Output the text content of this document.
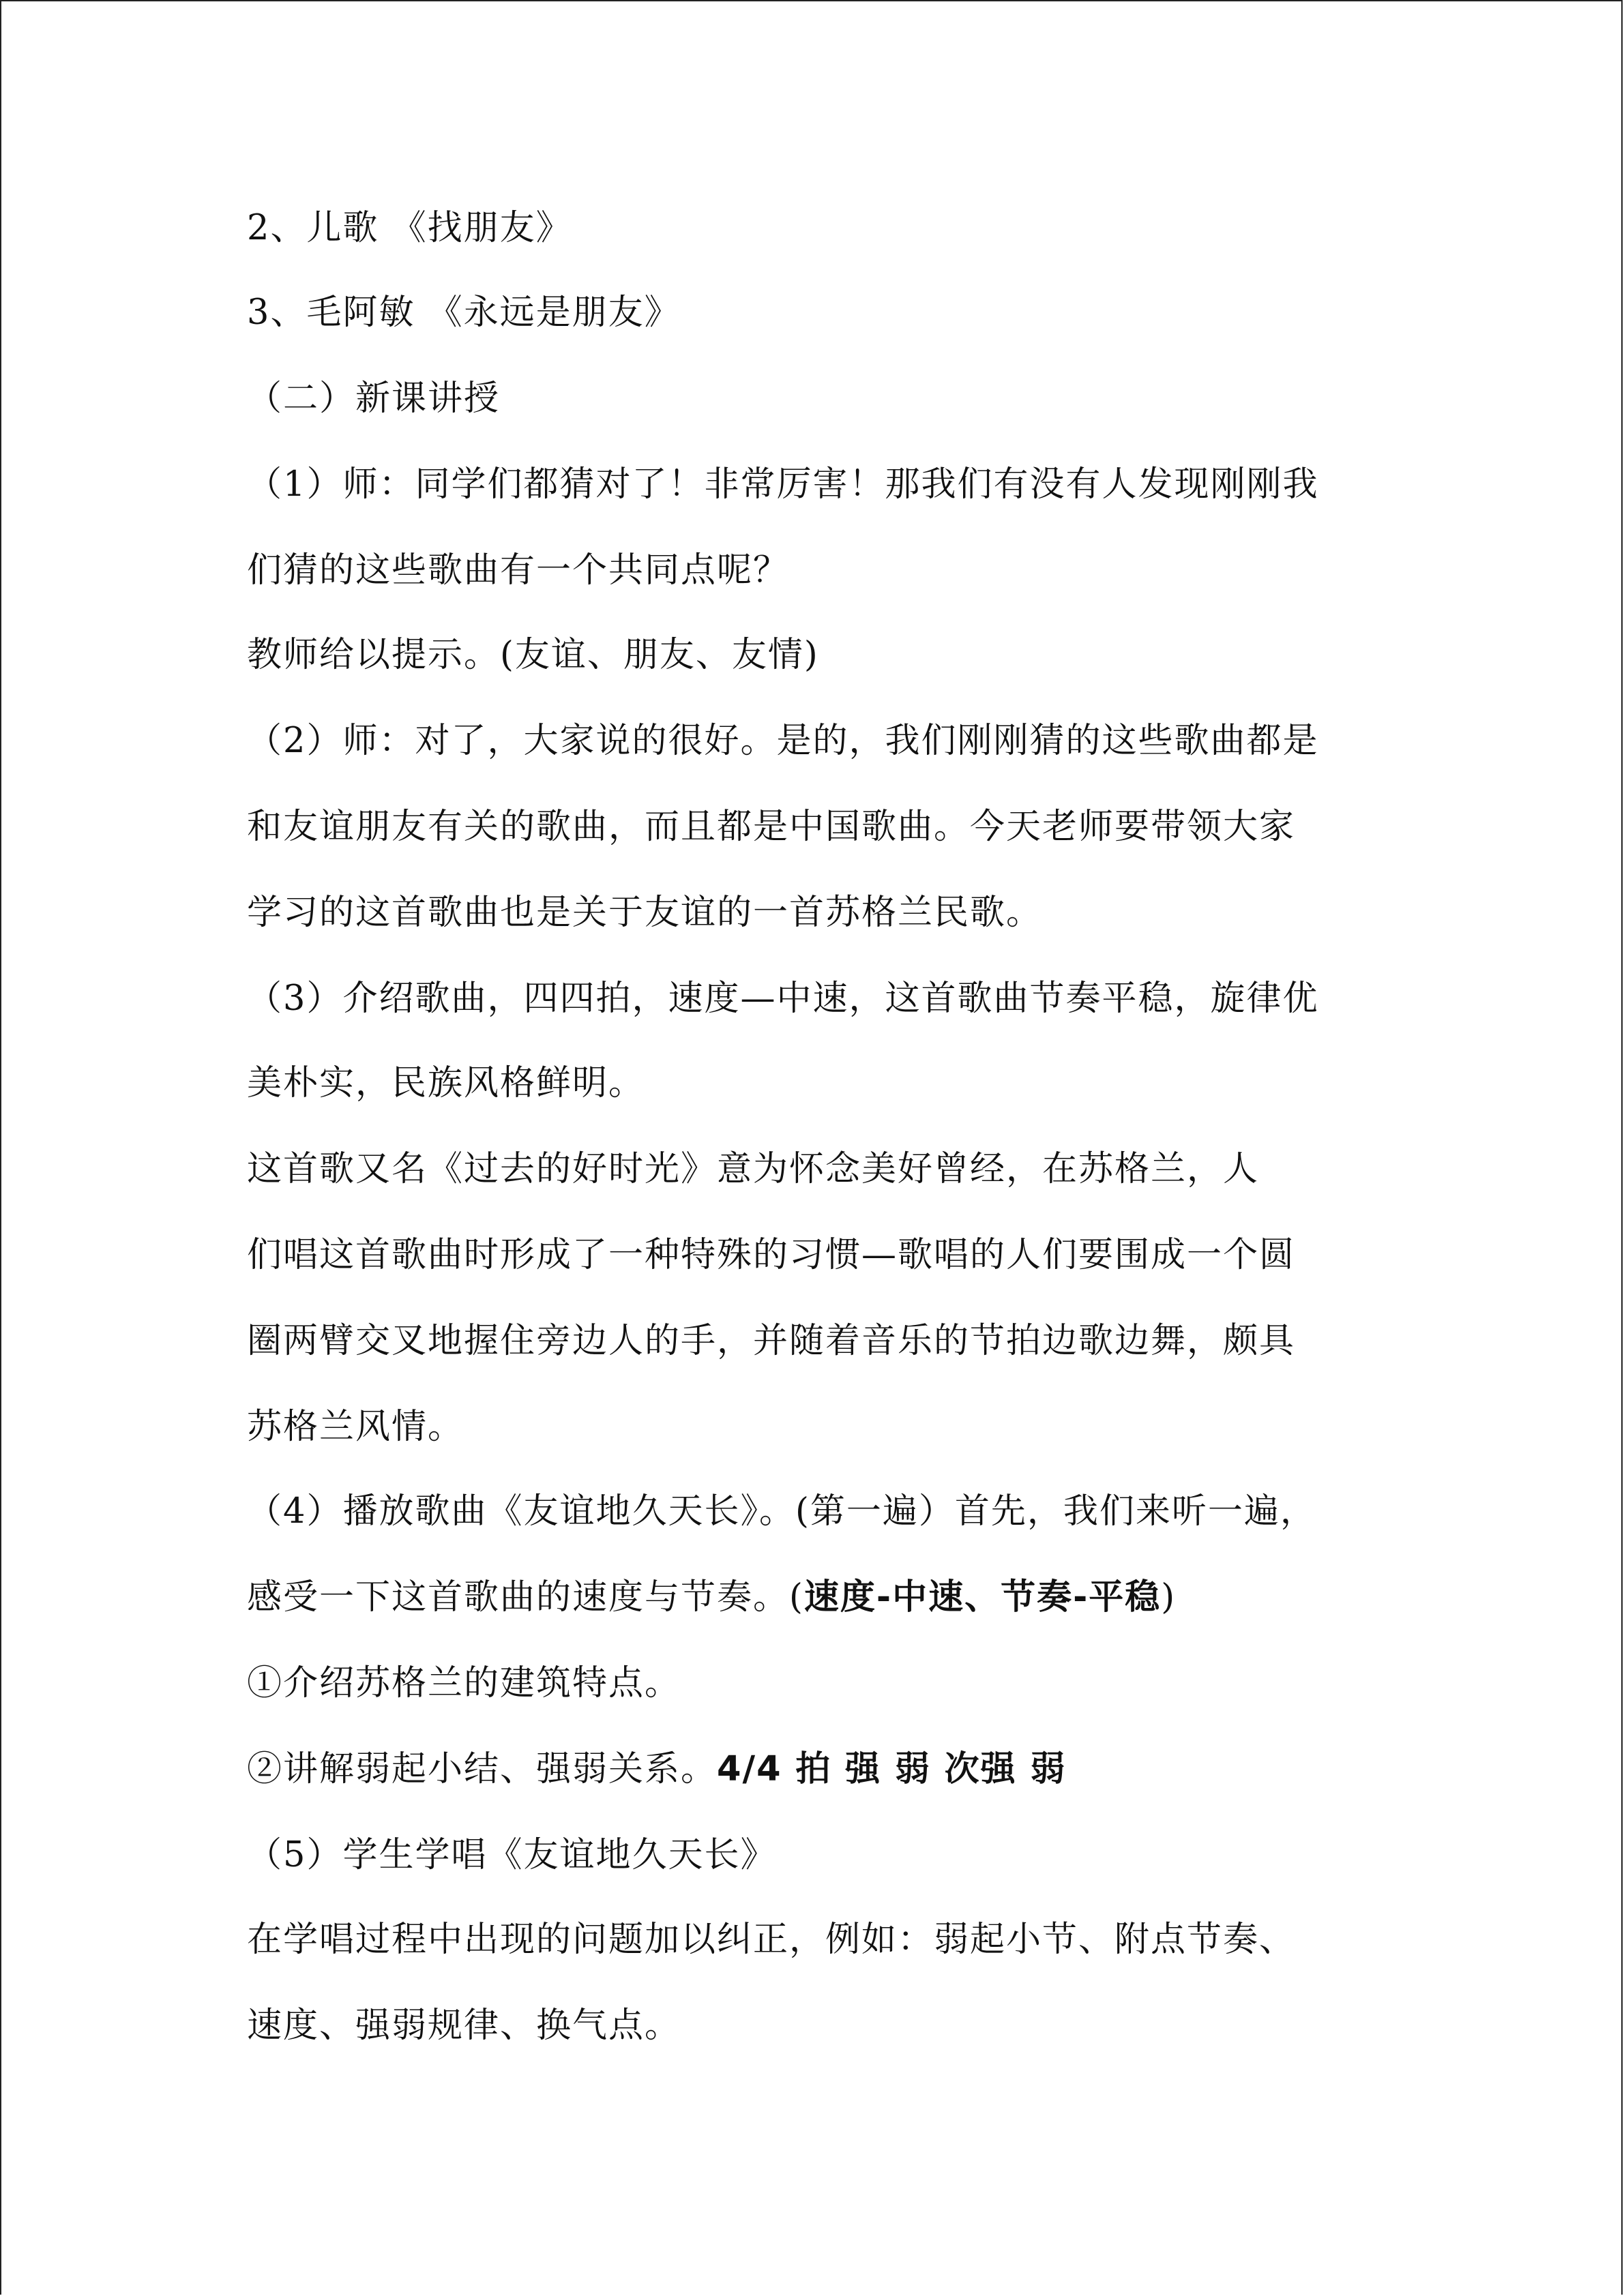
2、儿歌 《找朋友》
3、毛阿敏 《永远是朋友》
（二）新课讲授
（1）师：同学们都猜对了！非常厉害！那我们有没有人发现刚刚我
们猜的这些歌曲有一个共同点呢？
教师给以提示。(友谊、朋友、友情)
（2）师：对了，大家说的很好。是的，我们刚刚猜的这些歌曲都是
和友谊朋友有关的歌曲，而且都是中国歌曲。今天老师要带领大家
学习的这首歌曲也是关于友谊的一首苏格兰民歌。
（3）介绍歌曲，四四拍，速度—中速，这首歌曲节奏平稳，旋律优
美朴实，民族风格鲜明。
这首歌又名《过去的好时光》意为怀念美好曾经，在苏格兰，人
们唱这首歌曲时形成了一种特殊的习惯—歌唱的人们要围成一个圆
圈两臂交叉地握住旁边人的手，并随着音乐的节拍边歌边舞，颇具
苏格兰风情。
（4）播放歌曲《友谊地久天长》。(第一遍）首先，我们来听一遍，
感受一下这首歌曲的速度与节奏。(速度-中速、节奏-平稳)
①介绍苏格兰的建筑特点。
②讲解弱起小结、强弱关系。4/4 拍 强 弱 次强 弱
（5）学生学唱《友谊地久天长》
在学唱过程中出现的问题加以纠正，例如：弱起小节、附点节奏、
速度、强弱规律、换气点。
